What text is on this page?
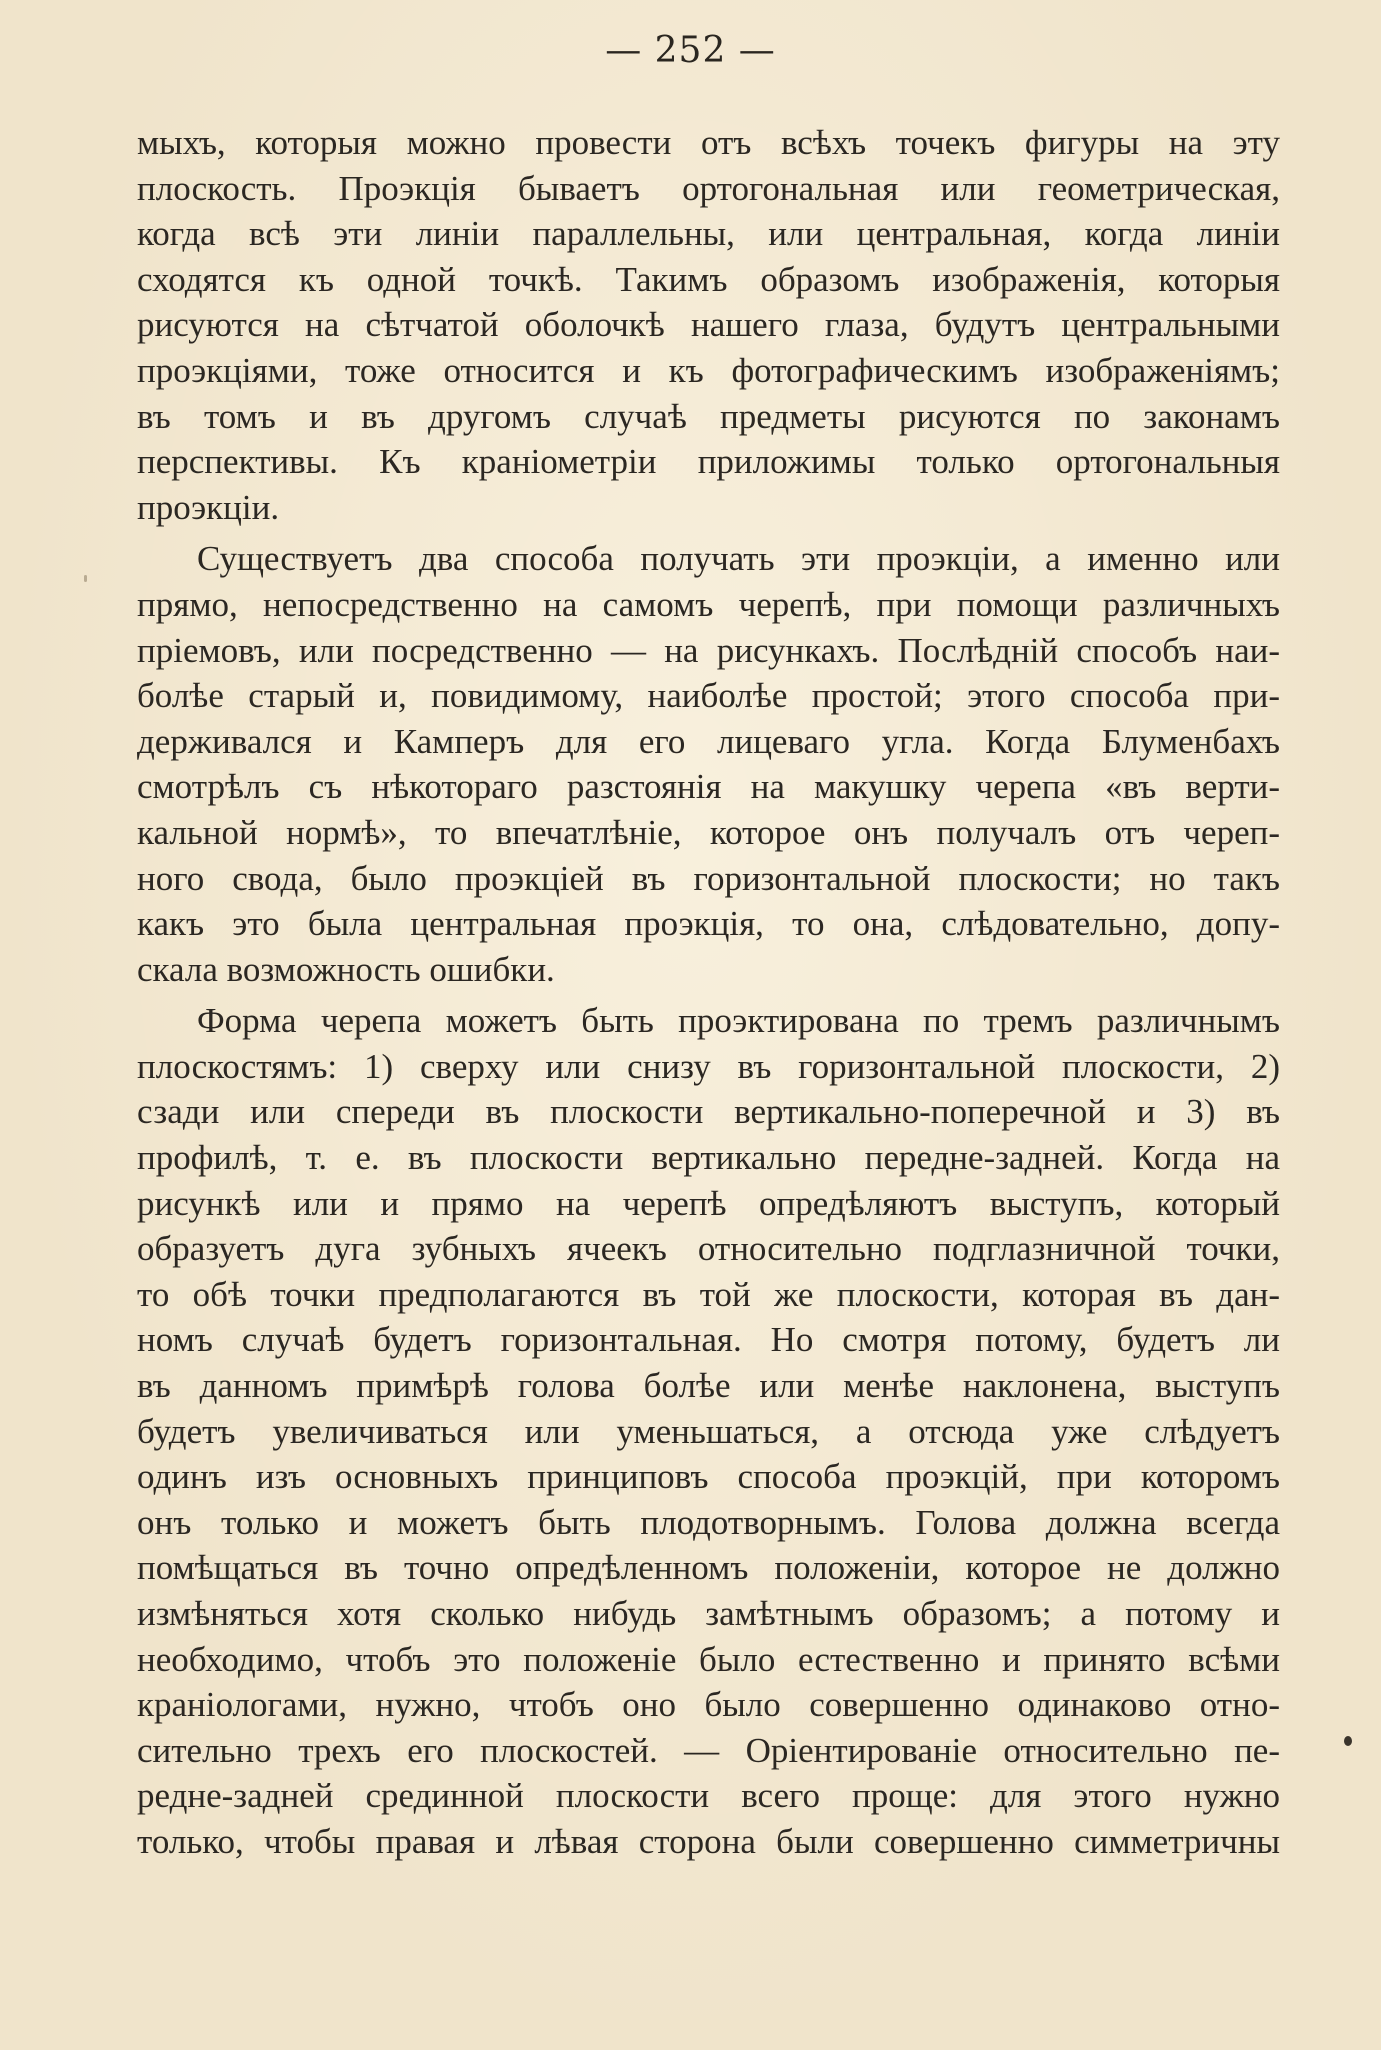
— 252 —
мыхъ, которыя можно провести отъ всѣхъ точекъ фигуры на эту
плоскость. Проэкція бываетъ ортогональная или геометрическая,
когда всѣ эти линіи параллельны, или центральная, когда линіи
сходятся къ одной точкѣ. Такимъ образомъ изображенія, которыя
рисуются на сѣтчатой оболочкѣ нашего глаза, будутъ центральными
проэкціями, тоже относится и къ фотографическимъ изображеніямъ;
въ томъ и въ другомъ случаѣ предметы рисуются по законамъ
перспективы. Къ краніометріи приложимы только ортогональныя
проэкціи.
Существуетъ два способа получать эти проэкціи, а именно или
прямо, непосредственно на самомъ черепѣ, при помощи различныхъ
пріемовъ, или посредственно — на рисункахъ. Послѣдній способъ наи-
болѣе старый и, повидимому, наиболѣе простой; этого способа при-
держивался и Камперъ для его лицеваго угла. Когда Блуменбахъ
смотрѣлъ съ нѣкотораго разстоянія на макушку черепа «въ верти-
кальной нормѣ», то впечатлѣніе, которое онъ получалъ отъ череп-
ного свода, было проэкціей въ горизонтальной плоскости; но такъ
какъ это была центральная проэкція, то она, слѣдовательно, допу-
скала возможность ошибки.
Форма черепа можетъ быть проэктирована по тремъ различнымъ
плоскостямъ: 1) сверху или снизу въ горизонтальной плоскости, 2)
сзади или спереди въ плоскости вертикально-поперечной и 3) въ
профилѣ, т. е. въ плоскости вертикально передне-задней. Когда на
рисункѣ или и прямо на черепѣ опредѣляютъ выступъ, который
образуетъ дуга зубныхъ ячеекъ относительно подглазничной точки,
то обѣ точки предполагаются въ той же плоскости, которая въ дан-
номъ случаѣ будетъ горизонтальная. Но смотря потому, будетъ ли
въ данномъ примѣрѣ голова болѣе или менѣе наклонена, выступъ
будетъ увеличиваться или уменьшаться, а отсюда уже слѣдуетъ
одинъ изъ основныхъ принциповъ способа проэкцій, при которомъ
онъ только и можетъ быть плодотворнымъ. Голова должна всегда
помѣщаться въ точно опредѣленномъ положеніи, которое не должно
измѣняться хотя сколько нибудь замѣтнымъ образомъ; а потому и
необходимо, чтобъ это положеніе было естественно и принято всѣми
краніологами, нужно, чтобъ оно было совершенно одинаково отно-
сительно трехъ его плоскостей. — Оріентированіе относительно пе-
редне-задней срединной плоскости всего проще: для этого нужно
только, чтобы правая и лѣвая сторона были совершенно симметричны
